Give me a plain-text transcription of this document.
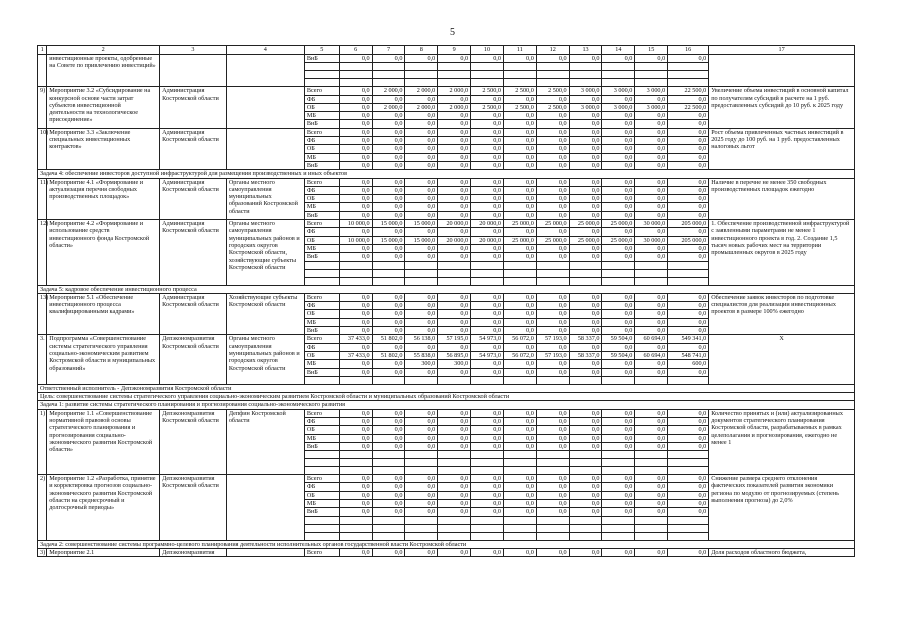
5
1	2	3	4	5	6	7	8	9	10	11	12	13	14	15	16	17
	инвестиционные проекты, одобренные на Совете по привлечению инвестиций»			ВнБ	0,0	0,0	0,0	0,0	0,0	0,0	0,0	0,0	0,0	0,0	0,0	

9)	Мероприятие 3.2 «Субсидирование на конкурсной основе части затрат субъектов инвестиционной деятельности на технологическое присоединение»	Администрация Костромской области		Всего	0,0	2 000,0	2 000,0	2 000,0	2 500,0	2 500,0	2 500,0	3 000,0	3 000,0	3 000,0	22 500,0	Увеличение объема инвестиций в основной капитал по получателям субсидий в расчете на 1 руб. предоставленных субсидий до 10 руб. к 2025 году
				ФБ	0,0	0,0	0,0	0,0	0,0	0,0	0,0	0,0	0,0	0,0	0,0	
				ОБ	0,0	2 000,0	2 000,0	2 000,0	2 500,0	2 500,0	2 500,0	3 000,0	3 000,0	3 000,0	22 500,0	
				МБ	0,0	0,0	0,0	0,0	0,0	0,0	0,0	0,0	0,0	0,0	0,0	
				ВнБ	0,0	0,0	0,0	0,0	0,0	0,0	0,0	0,0	0,0	0,0	0,0	
10)	Мероприятие 3.3 «Заключение специальных инвестиционных контрактов»	Администрация Костромской области		Всего	0,0	0,0	0,0	0,0	0,0	0,0	0,0	0,0	0,0	0,0	0,0	Рост объема привлеченных частных инвестиций в 2025 году до 100 руб. на 1 руб. предоставленных налоговых льгот
				ФБ	0,0	0,0	0,0	0,0	0,0	0,0	0,0	0,0	0,0	0,0	0,0	
				ОБ	0,0	0,0	0,0	0,0	0,0	0,0	0,0	0,0	0,0	0,0	0,0	
				МБ	0,0	0,0	0,0	0,0	0,0	0,0	0,0	0,0	0,0	0,0	0,0	
				ВнБ	0,0	0,0	0,0	0,0	0,0	0,0	0,0	0,0	0,0	0,0	0,0	
Задача 4: обеспечение инвесторов доступной инфраструктурой для размещения производственных и иных объектов																
11)	Мероприятие 4.1 «Формирование и актуализация перечня свободных производственных площадок»	Администрация Костромской области	Органы местного самоуправления муниципальных образований Костромской области	Всего	0,0	0,0	0,0	0,0	0,0	0,0	0,0	0,0	0,0	0,0	0,0	Наличие в перечне не менее 350 свободных производственных площадок ежегодно
				ФБ	0,0	0,0	0,0	0,0	0,0	0,0	0,0	0,0	0,0	0,0	0,0	
				ОБ	0,0	0,0	0,0	0,0	0,0	0,0	0,0	0,0	0,0	0,0	0,0	
				МБ	0,0	0,0	0,0	0,0	0,0	0,0	0,0	0,0	0,0	0,0	0,0	
				ВнБ	0,0	0,0	0,0	0,0	0,0	0,0	0,0	0,0	0,0	0,0	0,0	
12)	Мероприятие 4.2 «Формирование и использование средств инвестиционного фонда Костромской области»	Администрация Костромской области	Органы местного самоуправления муниципальных районов и городских округов Костромской области, хозяйствующие субъекты Костромской области	Всего	10 000,0	15 000,0	15 000,0	20 000,0	20 000,0	25 000,0	25 000,0	25 000,0	25 000,0	30 000,0	205 000,0	1. Обеспечение производственной инфраструктурой с заявленными параметрами не менее 1 инвестиционного проекта в год. 2. Создание 1,5 тысяч новых рабочих мест на территории промышленных округов в 2025 году
				ФБ	0,0	0,0	0,0	0,0	0,0	0,0	0,0	0,0	0,0	0,0	0,0	
				ОБ	10 000,0	15 000,0	15 000,0	20 000,0	20 000,0	25 000,0	25 000,0	25 000,0	25 000,0	30 000,0	205 000,0	
				МБ	0,0	0,0	0,0	0,0	0,0	0,0	0,0	0,0	0,0	0,0	0,0	
				ВнБ	0,0	0,0	0,0	0,0	0,0	0,0	0,0	0,0	0,0	0,0	0,0	

Задача 5: кадровое обеспечение инвестиционного процесса																
13)	Мероприятие 5.1 «Обеспечение инвестиционного процесса квалифицированными кадрами»	Администрация Костромской области	Хозяйствующие субъекты Костромской области	Всего	0,0	0,0	0,0	0,0	0,0	0,0	0,0	0,0	0,0	0,0	0,0	Обеспечение заявок инвесторов по подготовке специалистов для реализации инвестиционных проектов в размере 100% ежегодно
				ФБ	0,0	0,0	0,0	0,0	0,0	0,0	0,0	0,0	0,0	0,0	0,0	
				ОБ	0,0	0,0	0,0	0,0	0,0	0,0	0,0	0,0	0,0	0,0	0,0	
				МБ	0,0	0,0	0,0	0,0	0,0	0,0	0,0	0,0	0,0	0,0	0,0	
				ВнБ	0,0	0,0	0,0	0,0	0,0	0,0	0,0	0,0	0,0	0,0	0,0	
3.	Подпрограмма «Совершенствование системы стратегического управления социально-экономическим развитием Костромской области и муниципальных образований»	Депэкономразвития Костромской области	Органы местного самоуправления муниципальных районов и городских округов Костромской области	Всего	37 433,0	51 802,0	56 138,0	57 195,0	54 973,0	56 072,0	57 193,0	58 337,0	59 504,0	60 694,0	549 341,0	Х
				ФБ	0,0	0,0	0,0	0,0	0,0	0,0	0,0	0,0	0,0	0,0	0,0	
				ОБ	37 433,0	51 802,0	55 838,0	56 895,0	54 973,0	56 072,0	57 193,0	58 337,0	59 504,0	60 694,0	548 741,0	
				МБ	0,0	0,0	300,0	300,0	0,0	0,0	0,0	0,0	0,0	0,0	600,0	
				ВнБ	0,0	0,0	0,0	0,0	0,0	0,0	0,0	0,0	0,0	0,0	0,0	

Ответственный исполнитель - Депэкономразвития Костромской области																
Цель: совершенствование системы стратегического управления социально-экономическим развитием Костромской области и муниципальных образований Костромской области																
Задача 1: развитие системы стратегического планирования и прогнозирования социально-экономического развития																
1)	Мероприятие 1.1 «Совершенствование нормативной правовой основы стратегического планирования и прогнозирования социально-экономического развития Костромской области»	Депэкономразвития Костромской области	Депфин Костромской области	Всего	0,0	0,0	0,0	0,0	0,0	0,0	0,0	0,0	0,0	0,0	0,0	Количество принятых и (или) актуализированных документов стратегического планирования Костромской области, разрабатываемых в рамках целеполагания и прогнозирования, ежегодно не менее 1
				ФБ	0,0	0,0	0,0	0,0	0,0	0,0	0,0	0,0	0,0	0,0	0,0	
				ОБ	0,0	0,0	0,0	0,0	0,0	0,0	0,0	0,0	0,0	0,0	0,0	
				МБ	0,0	0,0	0,0	0,0	0,0	0,0	0,0	0,0	0,0	0,0	0,0	
				ВнБ	0,0	0,0	0,0	0,0	0,0	0,0	0,0	0,0	0,0	0,0	0,0	

2)	Мероприятие 1.2 «Разработка, принятие и корректировка прогнозов социально-экономического развития Костромской области на среднесрочный и долгосрочный периоды»	Депэкономразвития Костромской области		Всего	0,0	0,0	0,0	0,0	0,0	0,0	0,0	0,0	0,0	0,0	0,0	Снижение размера среднего отклонения фактических показателей развития экономики региона по модулю от прогнозируемых (степень выполнения прогноза) до 2,0%
				ФБ	0,0	0,0	0,0	0,0	0,0	0,0	0,0	0,0	0,0	0,0	0,0	
				ОБ	0,0	0,0	0,0	0,0	0,0	0,0	0,0	0,0	0,0	0,0	0,0	
				МБ	0,0	0,0	0,0	0,0	0,0	0,0	0,0	0,0	0,0	0,0	0,0	
				ВнБ	0,0	0,0	0,0	0,0	0,0	0,0	0,0	0,0	0,0	0,0	0,0	

Задача 2: совершенствование системы программно-целевого планирования деятельности исполнительных органов государственной власти Костромской области																
3)	Мероприятие 2.1	Депэкономразвития		Всего	0,0	0,0	0,0	0,0	0,0	0,0	0,0	0,0	0,0	0,0	0,0	Доля расходов областного бюджета,
